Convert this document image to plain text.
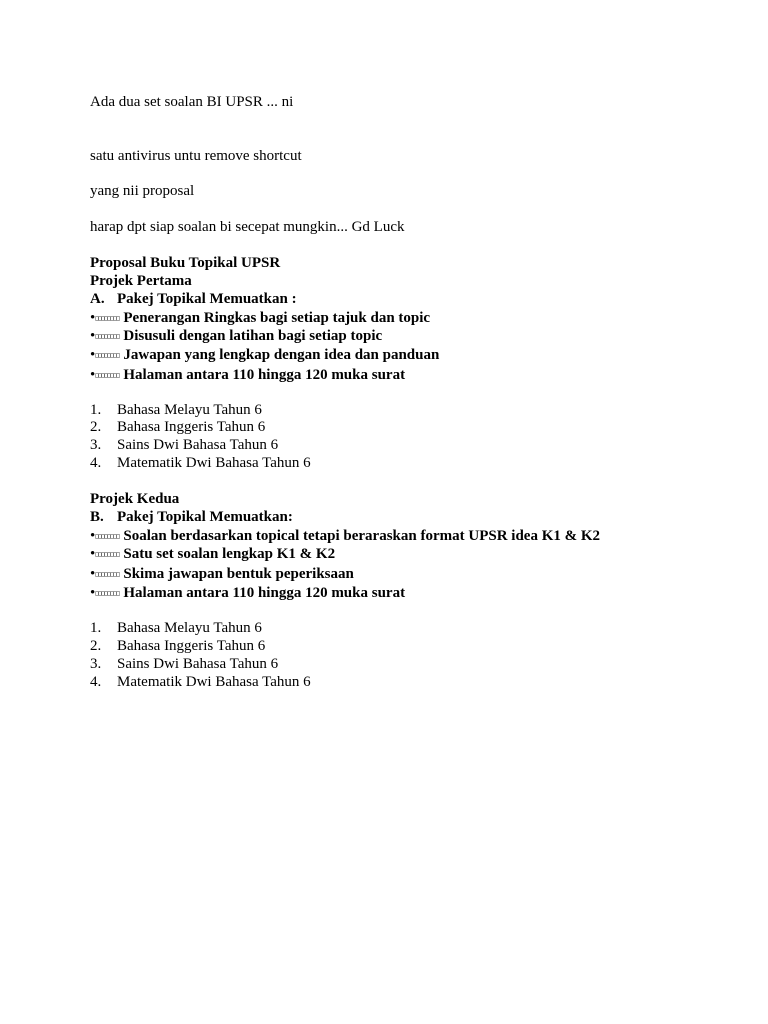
Ada dua set soalan BI UPSR ... ni
satu antivirus untu remove shortcut
yang nii proposal
harap dpt siap soalan bi secepat mungkin... Gd Luck
Proposal Buku Topikal UPSR
Projek Pertama
A. Pakej Topikal Memuatkan :
•□□□□□□□□ Penerangan Ringkas bagi setiap tajuk dan topic
•□□□□□□□□ Disusuli dengan latihan bagi setiap topic
•□□□□□□□□ Jawapan yang lengkap dengan idea dan panduan
•□□□□□□□□ Halaman antara 110 hingga 120 muka surat
1. Bahasa Melayu Tahun 6
2. Bahasa Inggeris Tahun 6
3. Sains Dwi Bahasa Tahun 6
4. Matematik Dwi Bahasa Tahun 6
Projek Kedua
B. Pakej Topikal Memuatkan:
•□□□□□□□□ Soalan berdasarkan topical tetapi beraraskan format UPSR idea K1 & K2
•□□□□□□□□ Satu set soalan lengkap K1 & K2
•□□□□□□□□ Skima jawapan bentuk peperiksaan
•□□□□□□□□ Halaman antara 110 hingga 120 muka surat
1. Bahasa Melayu Tahun 6
2. Bahasa Inggeris Tahun 6
3. Sains Dwi Bahasa Tahun 6
4. Matematik Dwi Bahasa Tahun 6
